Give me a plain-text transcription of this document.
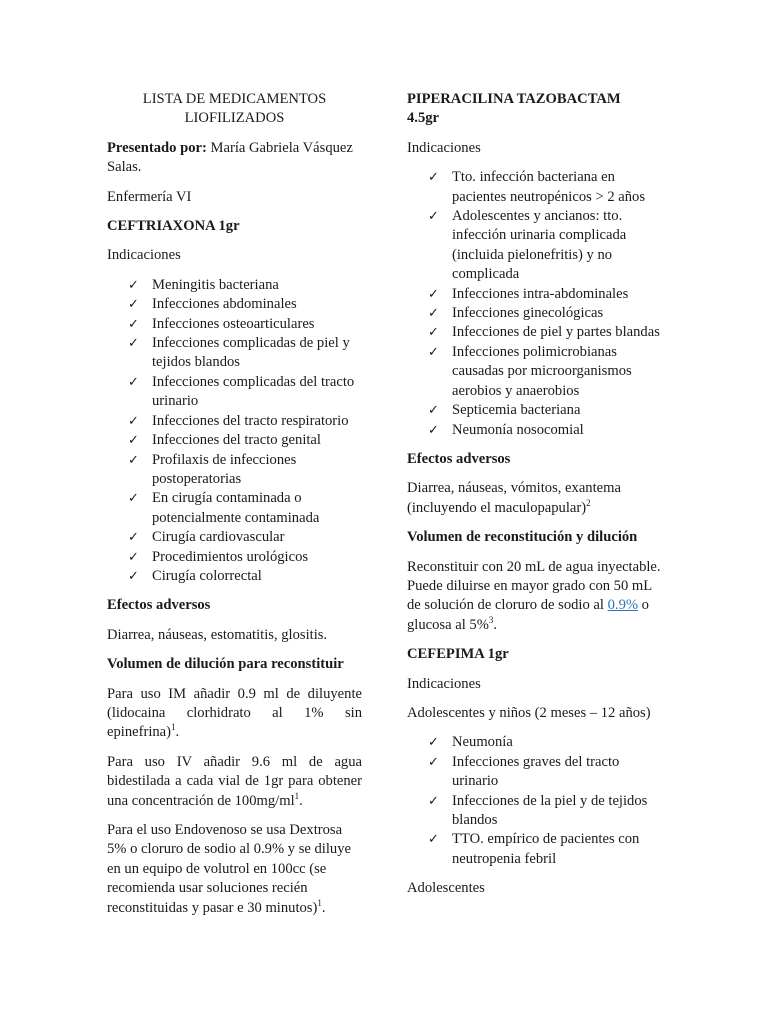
LISTA DE MEDICAMENTOS
LIOFILIZADOS

Presentado por: María Gabriela Vásquez Salas.

Enfermería VI

CEFTRIAXONA 1gr

Indicaciones

✓ Meningitis bacteriana
✓ Infecciones abdominales
✓ Infecciones osteoarticulares
✓ Infecciones complicadas de piel y tejidos blandos
✓ Infecciones complicadas del tracto urinario
✓ Infecciones del tracto respiratorio
✓ Infecciones del tracto genital
✓ Profilaxis de infecciones postoperatorias
✓ En cirugía contaminada o potencialmente contaminada
✓ Cirugía cardiovascular
✓ Procedimientos urológicos
✓ Cirugía colorrectal
Efectos adversos

Diarrea, náuseas, estomatitis, glositis.

Volumen de dilución para reconstituir

Para uso IM añadir 0.9 ml de diluyente (lidocaina clorhidrato al 1% sin epinefrina)$^1$.

Para uso IV añadir 9.6 ml de agua bidestilada a cada vial de 1gr para obtener una concentración de $100mg/ml^1$.

Para el uso Endovenoso se usa Dextrosa 5% o cloruro de sodio al 0.9% y se diluye en un equipo de volutrol en 100cc (se recomienda usar soluciones recién reconstituidas y pasar e 30 minutos)$^1$.

PIPERACILINA TAZOBACTAM
4.5gr

Indicaciones

✓ Tto. infección bacteriana en pacientes neutropénicos > 2 años
✓ Adolescentes y ancianos: tto. infección urinaria complicada (incluida pielonefritis) y no complicada
✓ Infecciones intra-abdominales
✓ Infecciones ginecológicas
✓ Infecciones de piel y partes blandas
✓ Infecciones polimicrobianas causadas por microorganismos aerobios y anaerobios
✓ Septicemia bacteriana
✓ Neumonía nosocomial
Efectos adversos

Diarrea, náuseas, vómitos, exantema (incluyendo el maculopapular)$^2$

Volumen de reconstitución y dilución

Reconstituir con 20 mL de agua inyectable. Puede diluirse en mayor grado con 50 mL de solución de cloruro de sodio al 0.9% o glucosa al 5%$^3$.

CEFEPIMA 1gr

Indicaciones

Adolescentes y niños (2 meses – 12 años)

✓ Neumonía
✓ Infecciones graves del tracto urinario
✓ Infecciones de la piel y de tejidos blandos
✓ TTO. empírico de pacientes con neutropenia febril

Adolescentes
